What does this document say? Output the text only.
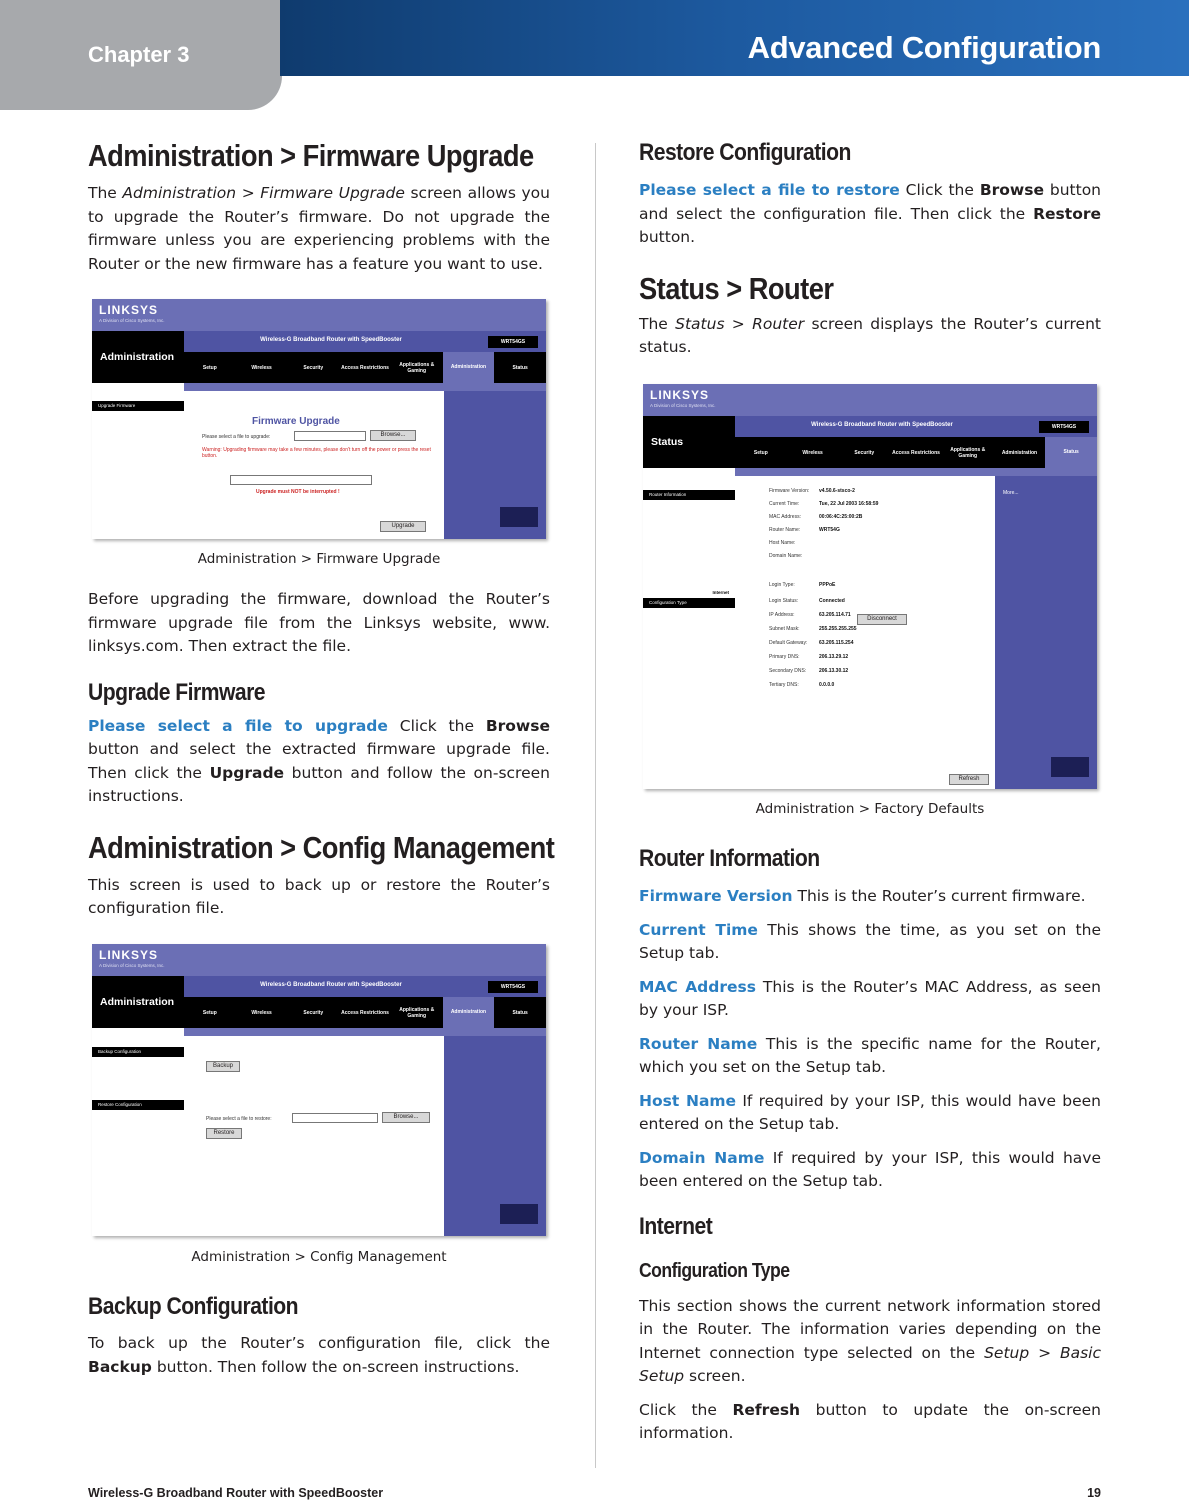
Chapter 3	Advanced Configuration
Administration > Firmware Upgrade

The Administration > Firmware Upgrade screen allows you to upgrade the Router’s firmware. Do not upgrade the firmware unless you are experiencing problems with the Router or the new firmware has a feature you want to use.

LINKSYS
A Division of Cisco Systems, Inc.
Administration
Wireless-G Broadband Router with SpeedBooster	WRT54GS
Setup	Wireless	Security	Access Restrictions	Applications & Gaming
Administration	Status
Upgrade Firmware
Firmware Upgrade
Please select a file to upgrade:	Browse...
Warning: Upgrading firmware may take a few minutes, please don't turn off the power or press the reset button.
Upgrade must NOT be interrupted !
Upgrade
Administration > Firmware Upgrade

Before upgrading the firmware, download the Router’s firmware upgrade file from the Linksys website, www. linksys.com. Then extract the file.

Upgrade Firmware

Please select a file to upgrade Click the Browse button and select the extracted firmware upgrade file. Then click the Upgrade button and follow the on-screen instructions.

Administration > Config Management

This screen is used to back up or restore the Router’s configuration file.

LINKSYS
A Division of Cisco Systems, Inc.
Administration
Wireless-G Broadband Router with SpeedBooster	WRT54GS
Setup	Wireless	Security	Access Restrictions	Applications & Gaming
Administration	Status
Backup Configuration
Restore Configuration
Backup
Please select a file to restore:	Browse...
Restore
Administration > Config Management
Backup Configuration

To back up the Router’s configuration file, click the Backup button. Then follow the on-screen instructions.

Restore Configuration

Please select a file to restore Click the Browse button and select the configuration file. Then click the Restore button.

Status > Router

The Status > Router screen displays the Router’s current status.

LINKSYS
A Division of Cisco Systems, Inc.
Status
Wireless-G Broadband Router with SpeedBooster	WRT54GS
Setup	Wireless	Security	Access Restrictions	Applications & Gaming	Administration	Status
Router Information
Internet
Configuration Type
Firmware Version: v4.50.6-stsco-2
Current Time:	Tue, 22 Jul 2003 16:58:59
MAC Address:	00:06:4C:25:00:2B
Router Name:	WRT54G
Host Name:
Domain Name:
Login Type:	PPPoE
Login Status:	Connected
IP Address:	63.205.114.71
Subnet Mask:	255.255.255.255
Default Gateway: 63.205.115.254
Primary DNS:	206.13.29.12
Secondary DNS:	206.13.30.12
Tertiary DNS:	0.0.0.0
Disconnect
Refresh
More...
Administration > Factory Defaults
Router Information

Firmware Version This is the Router’s current firmware.

Current Time This shows the time, as you set on the Setup tab.

MAC Address This is the Router’s MAC Address, as seen by your ISP.

Router Name This is the specific name for the Router, which you set on the Setup tab.

Host Name If required by your ISP, this would have been entered on the Setup tab.

Domain Name If required by your ISP, this would have been entered on the Setup tab.

Internet
Configuration Type

This section shows the current network information stored in the Router. The information varies depending on the Internet connection type selected on the Setup > Basic Setup screen.

Click the Refresh button to update the on-screen information.

Wireless-G Broadband Router with SpeedBooster	19
